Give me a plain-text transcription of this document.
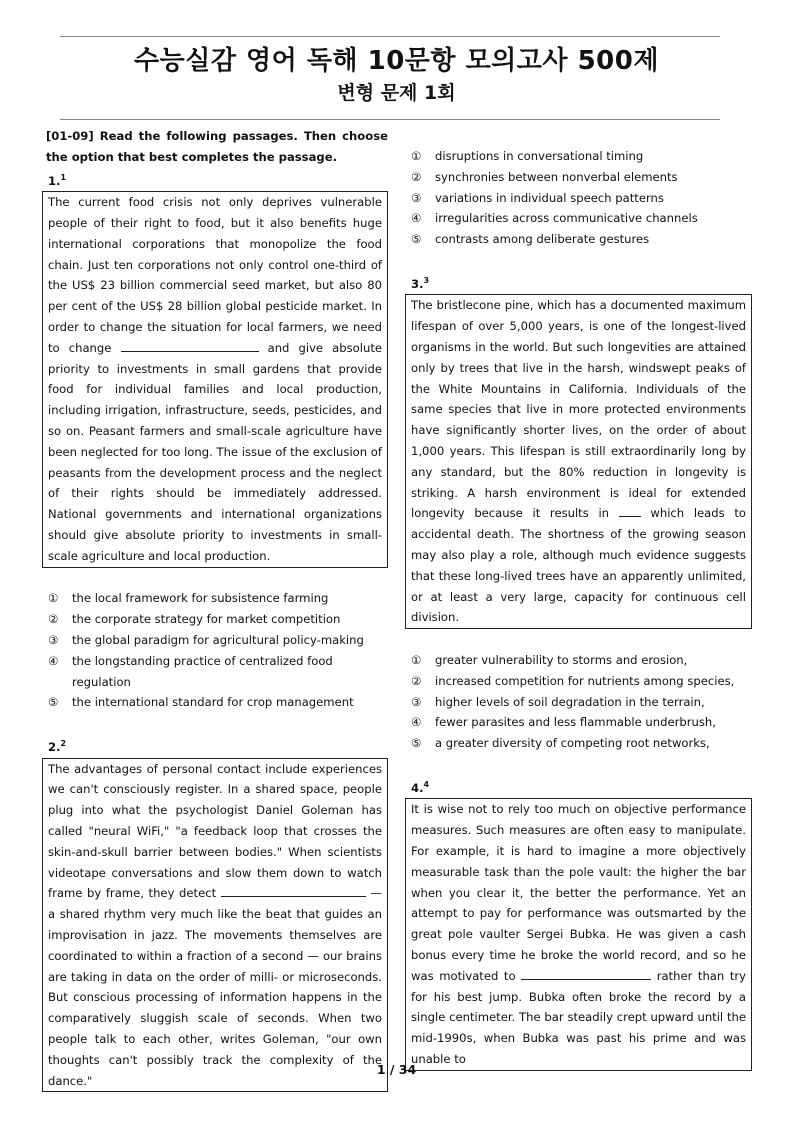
수능실감 영어 독해 10문항 모의고사 500제
변형 문제 1회

[01-09] Read the following passages. Then choose the option that best completes the passage.

1.$^1$

The current food crisis not only deprives vulnerable people of their right to food, but it also benefits huge international corporations that monopolize the food chain. Just ten corporations not only control one-third of the US$ 23 billion commercial seed market, but also 80 per cent of the US$ 28 billion global pesticide market. In order to change the situation for local farmers, we need to change	and give absolute priority to investments in small gardens that provide food for individual families and local production, including irrigation, infrastructure, seeds, pesticides, and so on. Peasant farmers and small-scale agriculture have been neglected for too long. The issue of the exclusion of peasants from the development process and the neglect of their rights should be immediately addressed. National governments and international organizations should give absolute priority to investments in small-scale agriculture and local production.

①	the local framework for subsistence farming
②	the corporate strategy for market competition
③	the global paradigm for agricultural policy-making
④	the longstanding practice of centralized food regulation
⑤	the international standard for crop management
2.$^2$

The advantages of personal contact include experiences we can't consciously register. In a shared space, people plug into what the psychologist Daniel Goleman has called "neural WiFi," "a feedback loop that crosses the skin-and-skull barrier between bodies." When scientists videotape conversations and slow them down to watch frame by frame, they detect	— a shared rhythm very much like the beat that guides an improvisation in jazz. The movements themselves are coordinated to within a fraction of a second — our brains are taking in data on the order of milli- or microseconds. But conscious processing of information happens in the comparatively sluggish scale of seconds. When two people talk to each other, writes Goleman, "our own thoughts can't possibly track the complexity of the dance."

①	disruptions in conversational timing
②	synchronies between nonverbal elements
③	variations in individual speech patterns
④	irregularities across communicative channels
⑤	contrasts among deliberate gestures
3.$^3$

The bristlecone pine, which has a documented maximum lifespan of over 5,000 years, is one of the longest-lived organisms in the world. But such longevities are attained only by trees that live in the harsh, windswept peaks of the White Mountains in California. Individuals of the same species that live in more protected environments have significantly shorter lives, on the order of about 1,000 years. This lifespan is still extraordinarily long by any standard, but the 80% reduction in longevity is striking. A harsh environment is ideal for extended longevity because it results in  which leads to accidental death. The shortness of the growing season may also play a role, although much evidence suggests that these long-lived trees have an apparently unlimited, or at least a very large, capacity for continuous cell division.

①	greater vulnerability to storms and erosion,
②	increased competition for nutrients among species,
③	higher levels of soil degradation in the terrain,
④	fewer parasites and less flammable underbrush,
⑤	a greater diversity of competing root networks,
4.$^4$

It is wise not to rely too much on objective performance measures. Such measures are often easy to manipulate. For example, it is hard to imagine a more objectively measurable task than the pole vault: the higher the bar when you clear it, the better the performance. Yet an attempt to pay for performance was outsmarted by the great pole vaulter Sergei Bubka. He was given a cash bonus every time he broke the world record, and so he was motivated to	rather than try for his best jump. Bubka often broke the record by a single centimeter. The bar steadily crept upward until the mid-1990s, when Bubka was past his prime and was unable to

1 / 34
